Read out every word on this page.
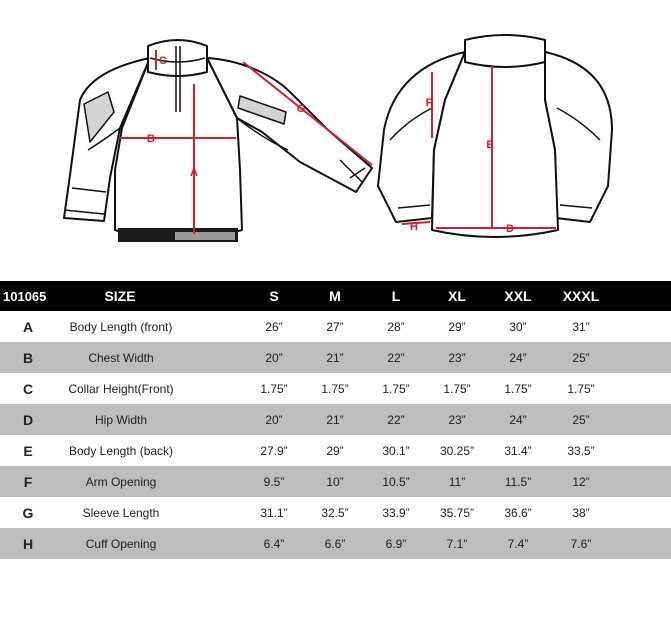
A
B
C
G
D
E
F
H
101065	SIZE	S	M	L	XL	XXL	XXXL
A	Body Length (front)	26”	27”	28”	29”	30”	31”
B	Chest Width	20”	21”	22”	23”	24”	25”
C	Collar Height(Front)	1.75”	1.75”	1.75”	1.75”	1.75”	1.75”
D	Hip Width	20”	21”	22”	23”	24”	25”
E	Body Length (back)	27.9”	29”	30.1”	30.25”	31.4”	33.5”
F	Arm Opening	9.5”	10”	10.5”	11”	11.5”	12”
G	Sleeve Length	31.1”	32.5”	33.9”	35.75”	36.6”	38”
H	Cuff Opening	6.4”	6.6”	6.9”	7.1”	7.4”	7.6”
